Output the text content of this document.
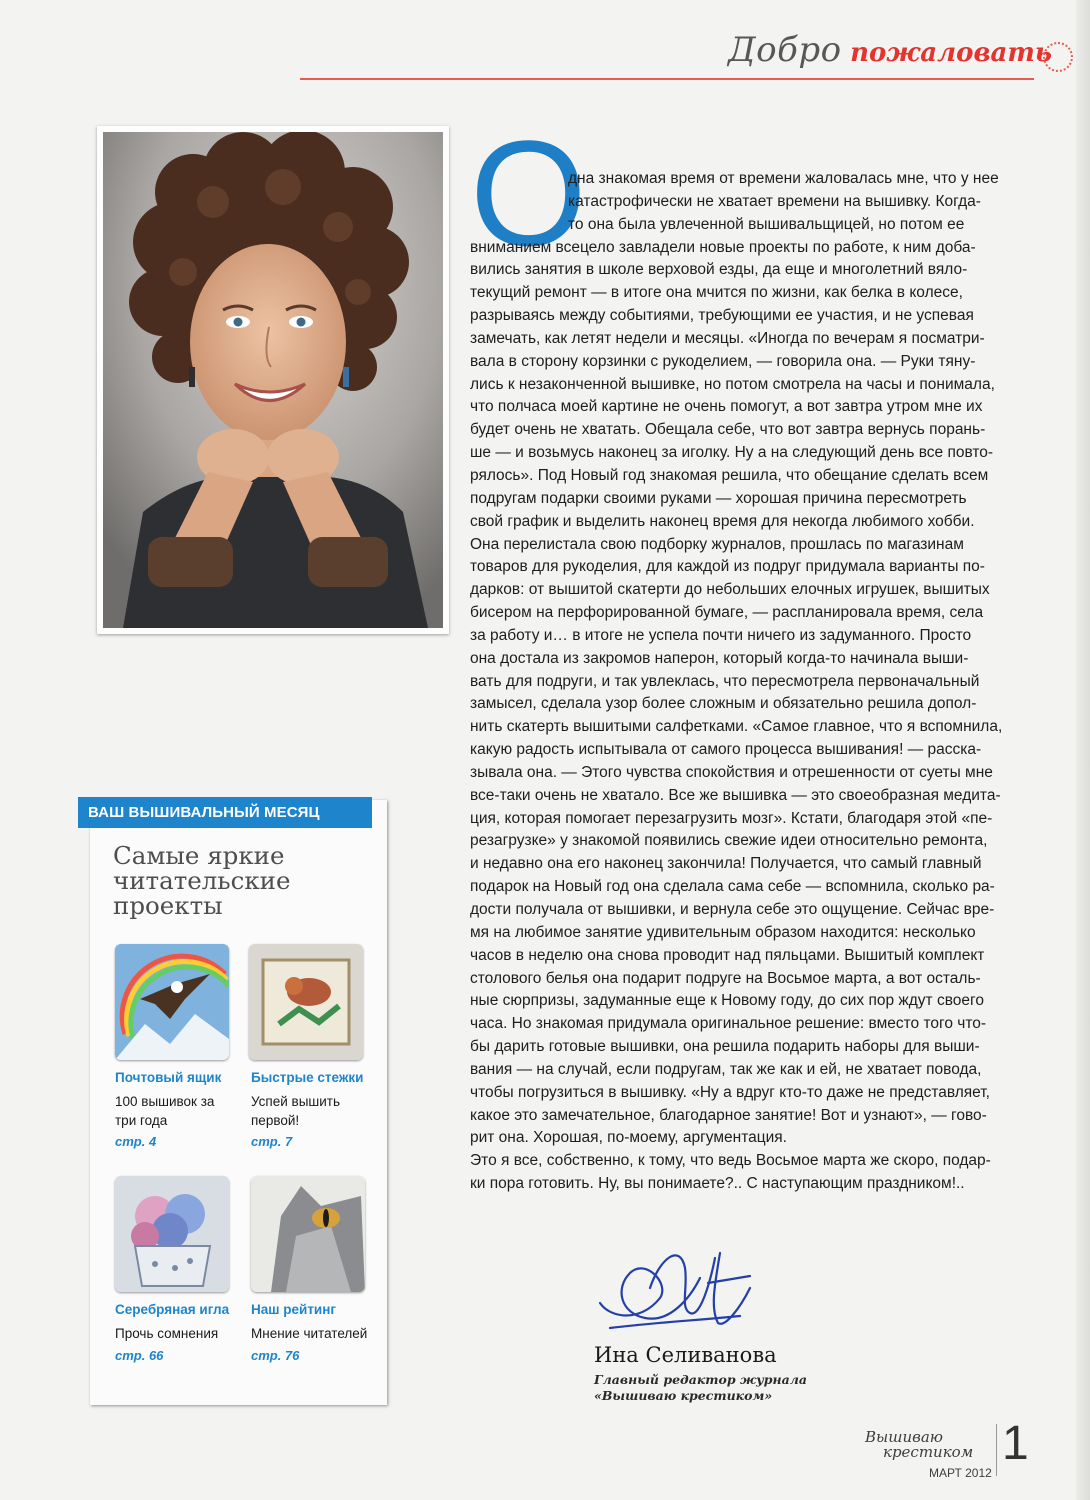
Добро пожаловать
О
дна знакомая время от времени жаловалась мне, что у нее
катастрофически не хватает времени на вышивку. Когда-
то она была увлеченной вышивальщицей, но потом ее
вниманием всецело завладели новые проекты по работе, к ним доба-
вились занятия в школе верховой езды, да еще и многолетний вяло-
текущий ремонт — в итоге она мчится по жизни, как белка в колесе,
разрываясь между событиями, требующими ее участия, и не успевая
замечать, как летят недели и месяцы. «Иногда по вечерам я посматри-
вала в сторону корзинки с рукоделием, — говорила она. — Руки тяну-
лись к незаконченной вышивке, но потом смотрела на часы и понимала,
что полчаса моей картине не очень помогут, а вот завтра утром мне их
будет очень не хватать. Обещала себе, что вот завтра вернусь порань-
ше — и возьмусь наконец за иголку. Ну а на следующий день все повто-
рялось». Под Новый год знакомая решила, что обещание сделать всем
подругам подарки своими руками — хорошая причина пересмотреть
свой график и выделить наконец время для некогда любимого хобби.
Она перелистала свою подборку журналов, прошлась по магазинам
товаров для рукоделия, для каждой из подруг придумала варианты по-
дарков: от вышитой скатерти до небольших елочных игрушек, вышитых
бисером на перфорированной бумаге, — распланировала время, села
за работу и… в итоге не успела почти ничего из задуманного. Просто
она достала из закромов наперон, который когда-то начинала выши-
вать для подруги, и так увлеклась, что пересмотрела первоначальный
замысел, сделала узор более сложным и обязательно решила допол-
нить скатерть вышитыми салфетками. «Самое главное, что я вспомнила,
какую радость испытывала от самого процесса вышивания! — расска-
зывала она. — Этого чувства спокойствия и отрешенности от суеты мне
все-таки очень не хватало. Все же вышивка — это своеобразная медита-
ция, которая помогает перезагрузить мозг». Кстати, благодаря этой «пе-
резагрузке» у знакомой появились свежие идеи относительно ремонта,
и недавно она его наконец закончила! Получается, что самый главный
подарок на Новый год она сделала сама себе — вспомнила, сколько ра-
дости получала от вышивки, и вернула себе это ощущение. Сейчас вре-
мя на любимое занятие удивительным образом находится: несколько
часов в неделю она снова проводит над пяльцами. Вышитый комплект
столового белья она подарит подруге на Восьмое марта, а вот осталь-
ные сюрпризы, задуманные еще к Новому году, до сих пор ждут своего
часа. Но знакомая придумала оригинальное решение: вместо того что-
бы дарить готовые вышивки, она решила подарить наборы для выши-
вания — на случай, если подругам, так же как и ей, не хватает повода,
чтобы погрузиться в вышивку. «Ну а вдруг кто-то даже не представляет,
какое это замечательное, благодарное занятие! Вот и узнают», — гово-
рит она. Хорошая, по-моему, аргументация.
Это я все, собственно, к тому, что ведь Восьмое марта же скоро, подар-
ки пора готовить. Ну, вы понимаете?.. С наступающим праздником!..
Ина Селиванова
Главный редактор журнала
«Вышиваю крестиком»
ВАШ ВЫШИВАЛЬНЫЙ МЕСЯЦ
Самые яркие
читательские
проекты
Почтовый ящик
100 вышивок за
три года
стр. 4
Быстрые стежки
Успей вышить
первой!
стр. 7
Серебряная игла
Прочь сомнения
стр. 66
Наш рейтинг
Мнение читателей
стр. 76
Вышиваю
крестиком
МАРТ 2012
1
